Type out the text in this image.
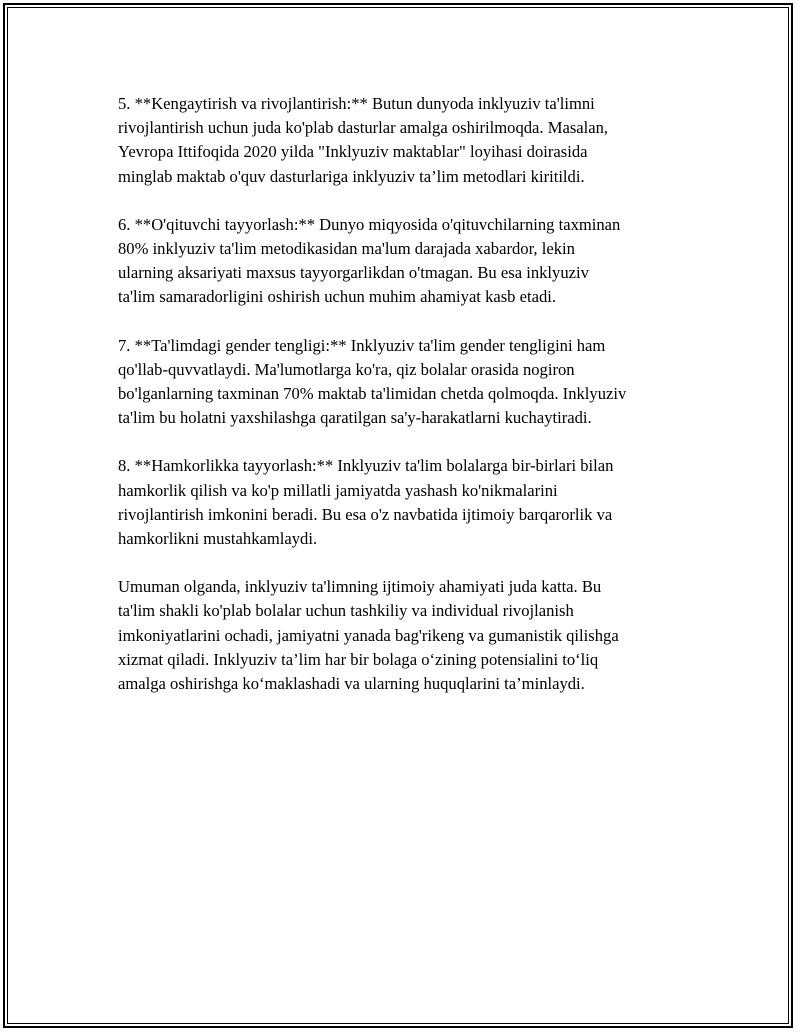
5. **Kengaytirish va rivojlantirish:** Butun dunyoda inklyuziv ta'limni
rivojlantirish uchun juda ko'plab dasturlar amalga oshirilmoqda. Masalan,
Yevropa Ittifoqida 2020 yilda "Inklyuziv maktablar" loyihasi doirasida
minglab maktab o'quv dasturlariga inklyuziv ta’lim metodlari kiritildi.

6. **O'qituvchi tayyorlash:** Dunyo miqyosida o'qituvchilarning taxminan
80% inklyuziv ta'lim metodikasidan ma'lum darajada xabardor, lekin
ularning aksariyati maxsus tayyorgarlikdan o'tmagan. Bu esa inklyuziv
ta'lim samaradorligini oshirish uchun muhim ahamiyat kasb etadi.

7. **Ta'limdagi gender tengligi:** Inklyuziv ta'lim gender tengligini ham
qo'llab-quvvatlaydi. Ma'lumotlarga ko'ra, qiz bolalar orasida nogiron
bo'lganlarning taxminan 70% maktab ta'limidan chetda qolmoqda. Inklyuziv
ta'lim bu holatni yaxshilashga qaratilgan sa'y-harakatlarni kuchaytiradi.

8. **Hamkorlikka tayyorlash:** Inklyuziv ta'lim bolalarga bir-birlari bilan
hamkorlik qilish va ko'p millatli jamiyatda yashash ko'nikmalarini
rivojlantirish imkonini beradi. Bu esa o'z navbatida ijtimoiy barqarorlik va
hamkorlikni mustahkamlaydi.

Umuman olganda, inklyuziv ta'limning ijtimoiy ahamiyati juda katta. Bu
ta'lim shakli ko'plab bolalar uchun tashkiliy va individual rivojlanish
imkoniyatlarini ochadi, jamiyatni yanada bag'rikeng va gumanistik qilishga
xizmat qiladi. Inklyuziv ta’lim har bir bolaga o‘zining potensialini to‘liq
amalga oshirishga ko‘maklashadi va ularning huquqlarini ta’minlaydi.
